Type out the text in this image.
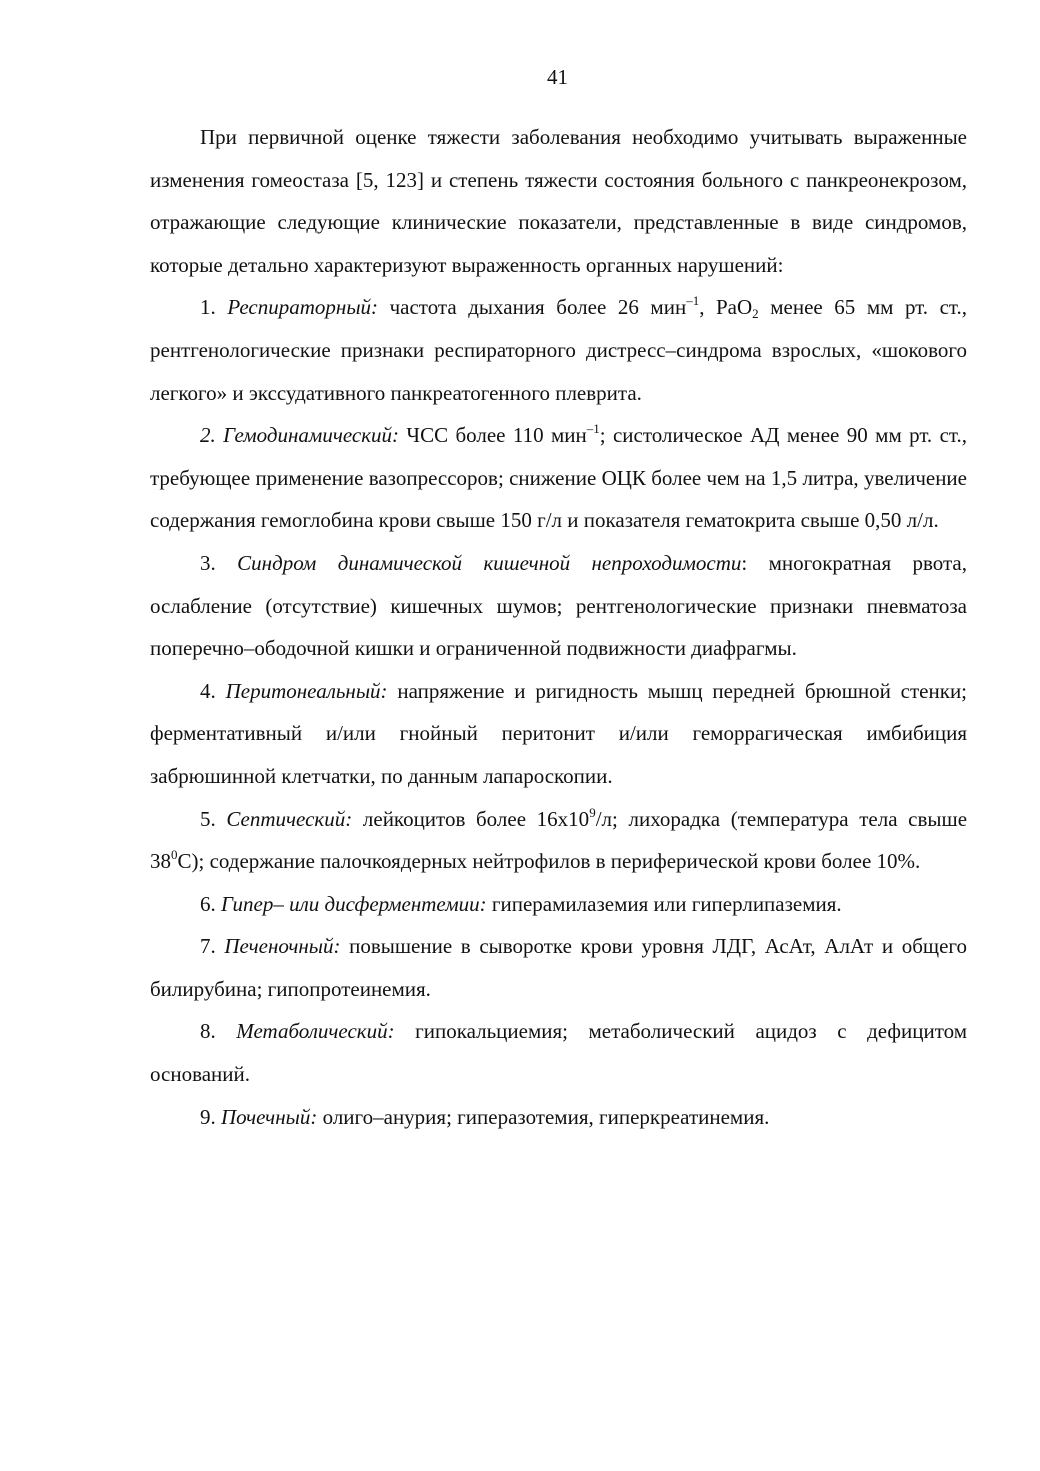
41

При первичной оценке тяжести заболевания необходимо учитывать выраженные изменения гомеостаза [5, 123] и степень тяжести состояния больного с панкреонекрозом, отражающие следующие клинические показатели, представленные в виде синдромов, которые детально характеризуют выраженность органных нарушений:

1. Респираторный: частота дыхания более 26 мин$^{-1}$, PaO$_2$ менее 65 мм рт. ст., рентгенологические признаки респираторного дистресс–синдрома взрослых, «шокового легкого» и экссудативного панкреатогенного плеврита.

2. Гемодинамический: ЧСС более 110 мин$^{-1}$; систолическое АД менее 90 мм рт. ст., требующее применение вазопрессоров; снижение ОЦК более чем на 1,5 литра, увеличение содержания гемоглобина крови свыше 150 г/л и показателя гематокрита свыше 0,50 л/л.

3. Синдром динамической кишечной непроходимости: многократная рвота, ослабление (отсутствие) кишечных шумов; рентгенологические признаки пневматоза поперечно–ободочной кишки и ограниченной подвижности диафрагмы.

4. Перитонеальный: напряжение и ригидность мышц передней брюшной стенки; ферментативный и/или гнойный перитонит и/или геморрагическая имбибиция забрюшинной клетчатки, по данным лапароскопии.

5. Септический: лейкоцитов более $16х10^9/л$; лихорадка (температура тела свыше $38^0С$); содержание палочкоядерных нейтрофилов в периферической крови более 10%.

6. Гипер– или дисферментемии: гиперамилаземия или гиперлипаземия.

7. Печеночный: повышение в сыворотке крови уровня ЛДГ, АсАт, АлАт и общего билирубина; гипопротеинемия.

8. Метаболический: гипокальциемия; метаболический ацидоз с дефицитом оснований.

9. Почечный: олиго–анурия; гиперазотемия, гиперкреатинемия.
